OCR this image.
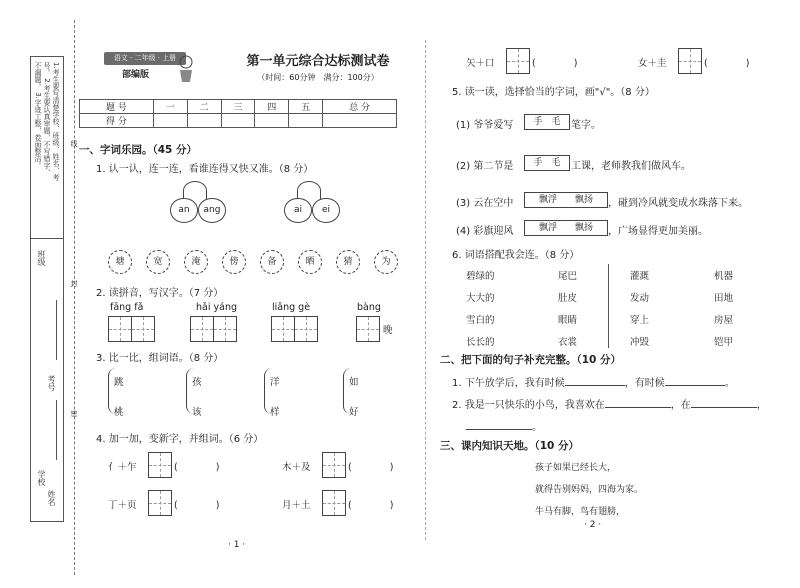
1.考生要写清楚学校、班级、姓名、考号。 2.考生要认真审题，不写错字、不漏题。 3.字迹工整，卷面整洁。
班级
学校
考号
姓名
线
封
密
语文 · 二年级 · 上册
部编版
第一单元综合达标测试卷
（时间：60分钟　满分：100分）
题 号	一	二	三	四	五	总 分
得 分						
一、字词乐园。（45 分）
1. 认一认，连一连，看谁连得又快又准。（8 分）
an	ang	ai	ei
塘	宽	淹	傍	备	晒	猜	为
2. 读拼音，写汉字。（7 分）
fāng fǎ	hǎi yáng	liǎng gè	bàng
晚
3. 比一比，组词语。（8 分）
跳
桃
孩
该
洋
样
如
好
4. 加一加，变新字，并组词。（6 分）
亻＋乍	(　　　　)	木＋及	(　　　　)
丁＋页	(　　　　)	月＋土	(　　　　)
· 1 ·
矢＋口	(　　　　)	女＋圭	(　　　　)
5. 读一读，选择恰当的字词，画"√"。（8 分）
(1) 爷爷爱写	手　毛	笔字。
(2) 第二节是	手　毛	工课，老师教我们做风车。
(3) 云在空中	飘浮　　飘扬	，碰到冷风就变成水珠落下来。
(4) 彩旗迎风	飘浮　　飘扬	，广场显得更加美丽。
6. 词语搭配我会连。（8 分）
碧绿的
大大的
雪白的
长长的
尾巴
肚皮
眼睛
衣裳
灌溉
发动
穿上
冲毁
机器
田地
房屋
铠甲
二、把下面的句子补充完整。（10 分）
1. 下午放学后，我有时候	，有时候	。
2. 我是一只快乐的小鸟，我喜欢在	，在	，
。
三、课内知识天地。（10 分）
孩子如果已经长大，
就得告别妈妈，四海为家。
牛马有脚，鸟有翅膀，
· 2 ·
